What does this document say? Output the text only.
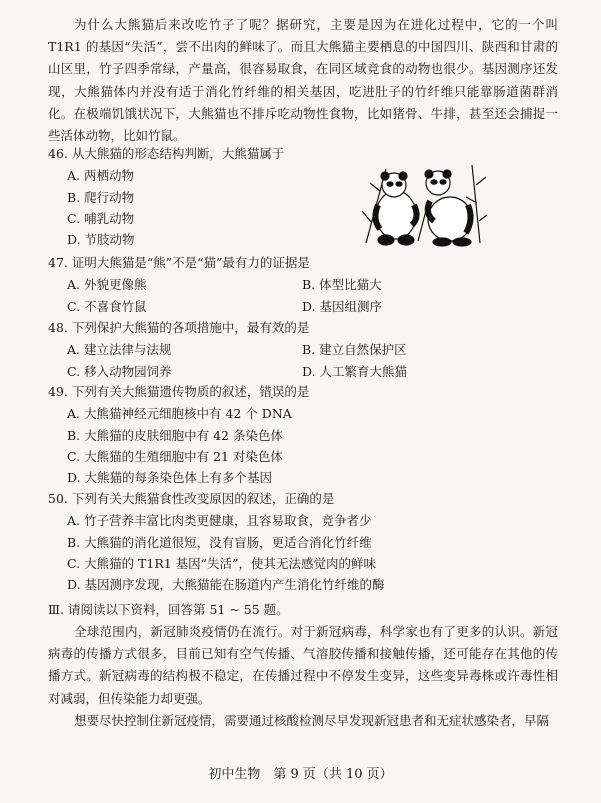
为什么大熊猫后来改吃竹子了呢？据研究，主要是因为在进化过程中，它的一个叫 T1R1 的基因“失活”，尝不出肉的鲜味了。而且大熊猫主要栖息的中国四川、陕西和甘肃的山区里，竹子四季常绿，产量高，很容易取食，在同区域竞食的动物也很少。基因测序还发现，大熊猫体内并没有适于消化竹纤维的相关基因，吃进肚子的竹纤维只能靠肠道菌群消化。在极端饥饿状况下，大熊猫也不排斥吃动物性食物，比如猪骨、牛排，甚至还会捕捉一些活体动物，比如竹鼠。

46. 从大熊猫的形态结构判断，大熊猫属于
A. 两栖动物
B. 爬行动物
C. 哺乳动物
D. 节肢动物
47. 证明大熊猫是“熊”不是“猫”最有力的证据是
A. 外貌更像熊	B. 体型比猫大
C. 不喜食竹鼠	D. 基因组测序
48. 下列保护大熊猫的各项措施中，最有效的是
A. 建立法律与法规	B. 建立自然保护区
C. 移入动物园饲养	D. 人工繁育大熊猫
49. 下列有关大熊猫遗传物质的叙述，错误的是
A. 大熊猫神经元细胞核中有 42 个 DNA
B. 大熊猫的皮肤细胞中有 42 条染色体
C. 大熊猫的生殖细胞中有 21 对染色体
D. 大熊猫的每条染色体上有多个基因
50. 下列有关大熊猫食性改变原因的叙述，正确的是
A. 竹子营养丰富比肉类更健康，且容易取食，竞争者少
B. 大熊猫的消化道很短，没有盲肠，更适合消化竹纤维
C. 大熊猫的 T1R1 基因“失活”，使其无法感觉肉的鲜味
D. 基因测序发现，大熊猫能在肠道内产生消化竹纤维的酶
Ⅲ. 请阅读以下资料，回答第 51 ~ 55 题。

全球范围内，新冠肺炎疫情仍在流行。对于新冠病毒，科学家也有了更多的认识。新冠病毒的传播方式很多，目前已知有空气传播、气溶胶传播和接触传播，还可能存在其他的传播方式。新冠病毒的结构极不稳定，在传播过程中不停发生变异，这些变异毒株或许毒性相对减弱，但传染能力却更强。

想要尽快控制住新冠疫情，需要通过核酸检测尽早发现新冠患者和无症状感染者，早隔

初中生物　第 9 页（共 10 页）
